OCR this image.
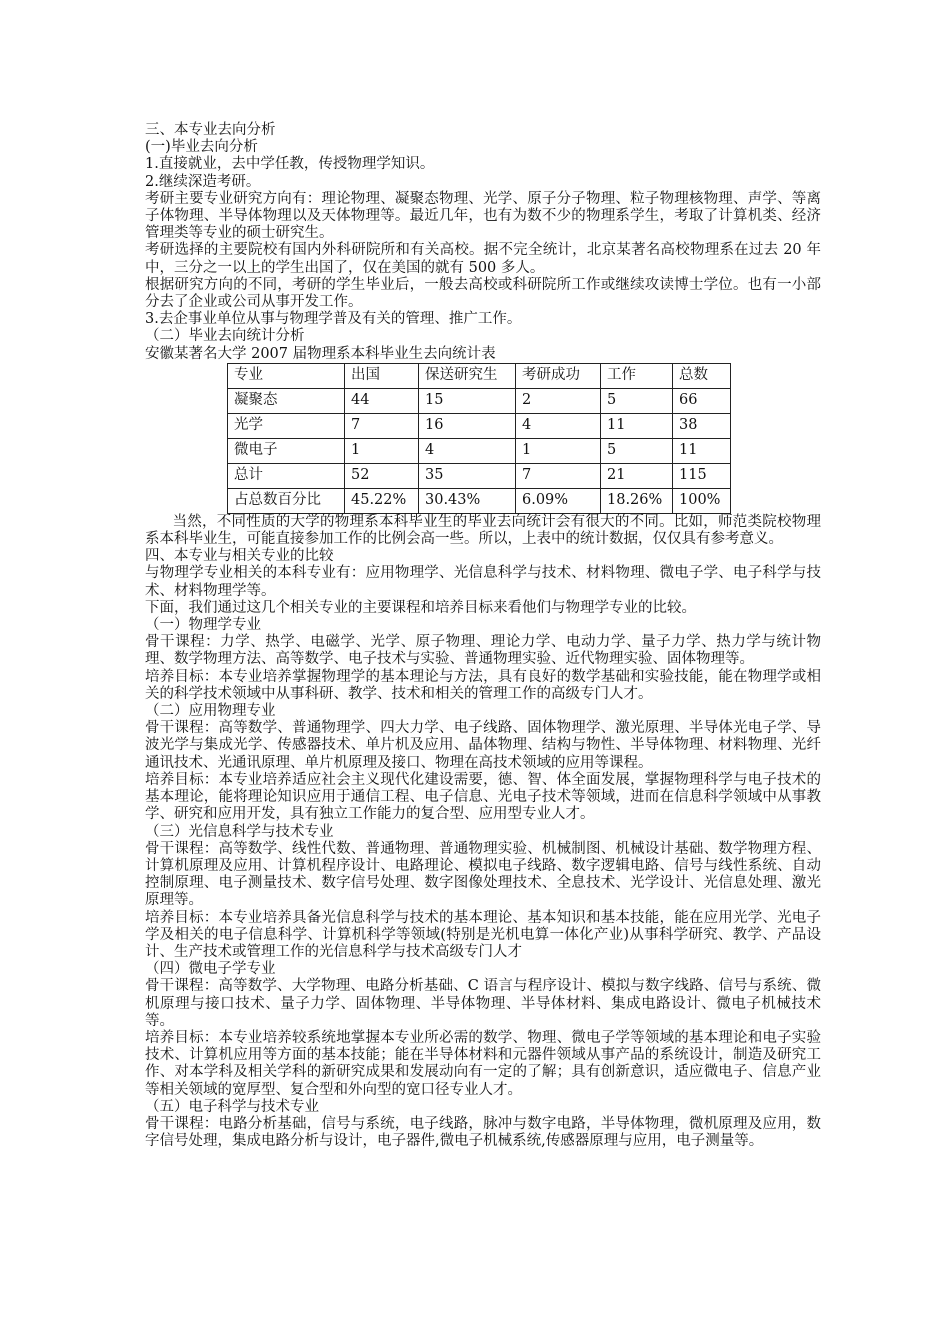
三、本专业去向分析

(一)毕业去向分析

1.直接就业，去中学任教，传授物理学知识。

2.继续深造考研。

考研主要专业研究方向有：理论物理、凝聚态物理、光学、原子分子物理、粒子物理核物理、声学、等离子体物理、半导体物理以及天体物理等。最近几年，也有为数不少的物理系学生，考取了计算机类、经济管理类等专业的硕士研究生。

考研选择的主要院校有国内外科研院所和有关高校。据不完全统计，北京某著名高校物理系在过去 20 年中，三分之一以上的学生出国了，仅在美国的就有 500 多人。

根据研究方向的不同，考研的学生毕业后，一般去高校或科研院所工作或继续攻读博士学位。也有一小部分去了企业或公司从事开发工作。

3.去企事业单位从事与物理学普及有关的管理、推广工作。

（二）毕业去向统计分析

安徽某著名大学 2007 届物理系本科毕业生去向统计表

专业	出国	保送研究生	考研成功	工作	总数
凝聚态	44	15	2	5	66
光学	7	16	4	11	38
微电子	1	4	1	5	11
总计	52	35	7	21	115
占总数百分比	45.22%	30.43%	6.09%	18.26%	100%

当然，不同性质的大学的物理系本科毕业生的毕业去向统计会有很大的不同。比如，师范类院校物理系本科毕业生，可能直接参加工作的比例会高一些。所以，上表中的统计数据，仅仅具有参考意义。

四、本专业与相关专业的比较

与物理学专业相关的本科专业有：应用物理学、光信息科学与技术、材料物理、微电子学、电子科学与技术、材料物理学等。

下面，我们通过这几个相关专业的主要课程和培养目标来看他们与物理学专业的比较。

（一）物理学专业

骨干课程：力学、热学、电磁学、光学、原子物理、理论力学、电动力学、量子力学、热力学与统计物理、数学物理方法、高等数学、电子技术与实验、普通物理实验、近代物理实验、固体物理等。

培养目标：本专业培养掌握物理学的基本理论与方法，具有良好的数学基础和实验技能，能在物理学或相关的科学技术领域中从事科研、教学、技术和相关的管理工作的高级专门人才。

（二）应用物理专业

骨干课程：高等数学、普通物理学、四大力学、电子线路、固体物理学、激光原理、半导体光电子学、导波光学与集成光学、传感器技术、单片机及应用、晶体物理、结构与物性、半导体物理、材料物理、光纤通讯技术、光通讯原理、单片机原理及接口、物理在高技术领域的应用等课程。

培养目标：本专业培养适应社会主义现代化建设需要，德、智、体全面发展，掌握物理科学与电子技术的基本理论，能将理论知识应用于通信工程、电子信息、光电子技术等领域，进而在信息科学领域中从事教学、研究和应用开发，具有独立工作能力的复合型、应用型专业人才。

（三）光信息科学与技术专业

骨干课程：高等数学、线性代数、普通物理、普通物理实验、机械制图、机械设计基础、数学物理方程、计算机原理及应用、计算机程序设计、电路理论、模拟电子线路、数字逻辑电路、信号与线性系统、自动控制原理、电子测量技术、数字信号处理、数字图像处理技术、全息技术、光学设计、光信息处理、激光原理等。

培养目标：本专业培养具备光信息科学与技术的基本理论、基本知识和基本技能，能在应用光学、光电子学及相关的电子信息科学、计算机科学等领域(特别是光机电算一体化产业)从事科学研究、教学、产品设计、生产技术或管理工作的光信息科学与技术高级专门人才

（四）微电子学专业

骨干课程：高等数学、大学物理、电路分析基础、C 语言与程序设计、模拟与数字线路、信号与系统、微机原理与接口技术、量子力学、固体物理、半导体物理、半导体材料、集成电路设计、微电子机械技术等。

培养目标：本专业培养较系统地掌握本专业所必需的数学、物理、微电子学等领域的基本理论和电子实验技术、计算机应用等方面的基本技能；能在半导体材料和元器件领域从事产品的系统设计，制造及研究工作、对本学科及相关学科的新研究成果和发展动向有一定的了解；具有创新意识，适应微电子、信息产业等相关领域的宽厚型、复合型和外向型的宽口径专业人才。

（五）电子科学与技术专业

骨干课程：电路分析基础，信号与系统，电子线路，脉冲与数字电路，半导体物理，微机原理及应用，数字信号处理，集成电路分析与设计，电子器件,微电子机械系统,传感器原理与应用，电子测量等。
